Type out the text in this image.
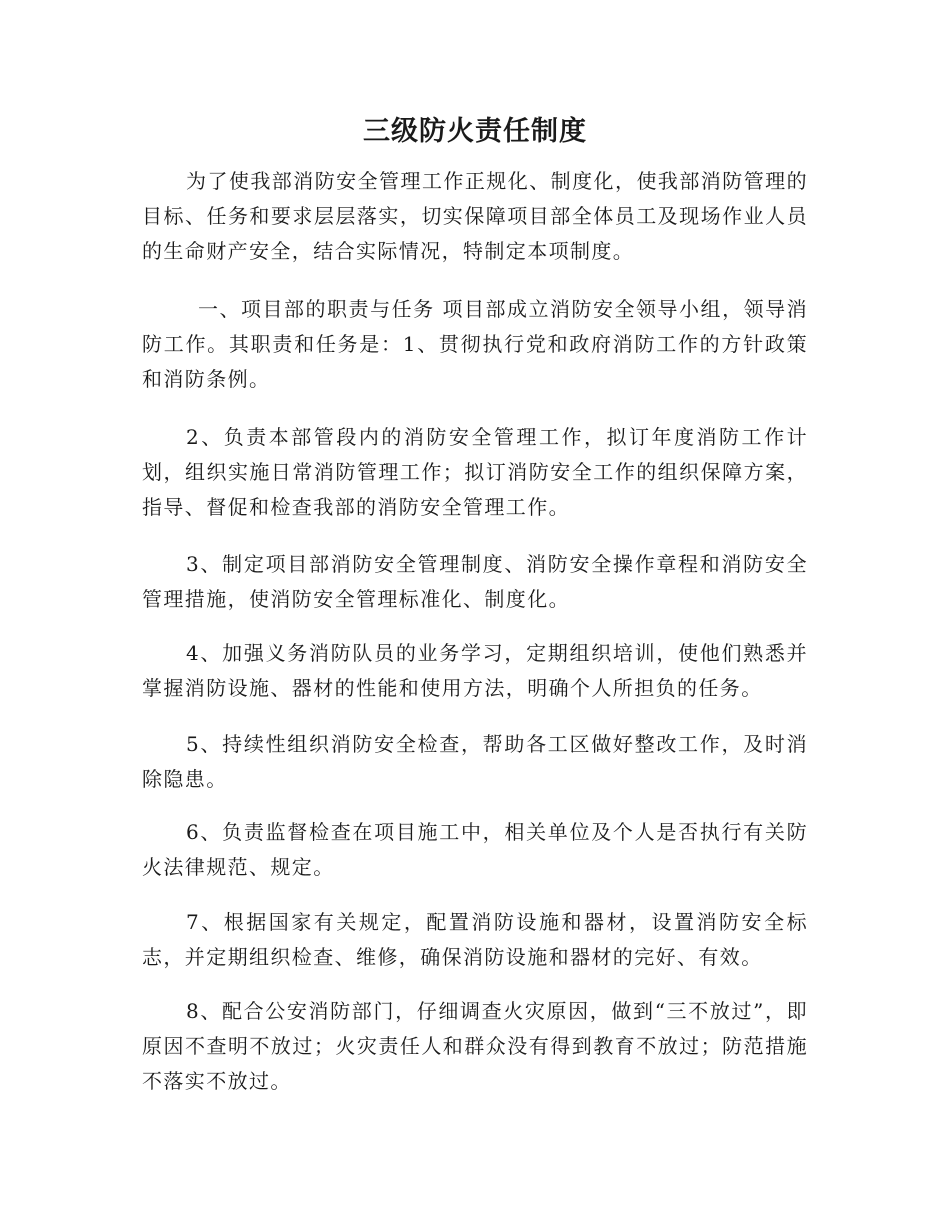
三级防火责任制度

为了使我部消防安全管理工作正规化、制度化，使我部消防管理的目标、任务和要求层层落实，切实保障项目部全体员工及现场作业人员的生命财产安全，结合实际情况，特制定本项制度。

一、项目部的职责与任务 项目部成立消防安全领导小组，领导消防工作。其职责和任务是：1、贯彻执行党和政府消防工作的方针政策和消防条例。

2、负责本部管段内的消防安全管理工作，拟订年度消防工作计划，组织实施日常消防管理工作；拟订消防安全工作的组织保障方案，指导、督促和检查我部的消防安全管理工作。

3、制定项目部消防安全管理制度、消防安全操作章程和消防安全管理措施，使消防安全管理标准化、制度化。

4、加强义务消防队员的业务学习，定期组织培训，使他们熟悉并掌握消防设施、器材的性能和使用方法，明确个人所担负的任务。

5、持续性组织消防安全检查，帮助各工区做好整改工作，及时消除隐患。

6、负责监督检查在项目施工中，相关单位及个人是否执行有关防火法律规范、规定。

7、根据国家有关规定，配置消防设施和器材，设置消防安全标志，并定期组织检查、维修，确保消防设施和器材的完好、有效。

8、配合公安消防部门，仔细调查火灾原因，做到“三不放过”，即原因不查明不放过；火灾责任人和群众没有得到教育不放过；防范措施不落实不放过。
